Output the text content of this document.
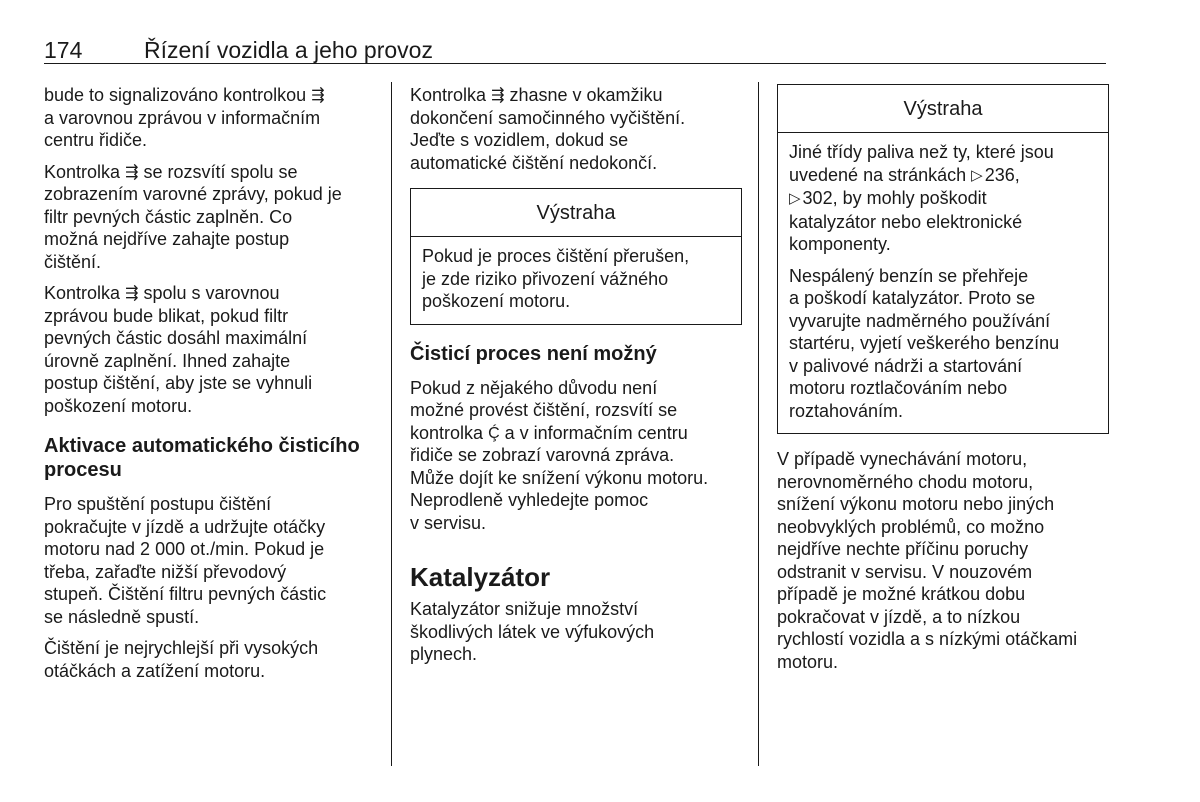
174	Řízení vozidla a jeho provoz

bude to signalizováno kontrolkou ⇶
a varovnou zprávou v informačním
centru řidiče.

Kontrolka ⇶ se rozsvítí spolu se
zobrazením varovné zprávy, pokud je
filtr pevných částic zaplněn. Co
možná nejdříve zahajte postup
čištění.

Kontrolka ⇶ spolu s varovnou
zprávou bude blikat, pokud filtr
pevných částic dosáhl maximální
úrovně zaplnění. Ihned zahajte
postup čištění, aby jste se vyhnuli
poškození motoru.

Aktivace automatického čisticího
procesu

Pro spuštění postupu čištění
pokračujte v jízdě a udržujte otáčky
motoru nad 2 000 ot./min. Pokud je
třeba, zařaďte nižší převodový
stupeň. Čištění filtru pevných částic
se následně spustí.

Čištění je nejrychlejší při vysokých
otáčkách a zatížení motoru.

Kontrolka ⇶ zhasne v okamžiku
dokončení samočinného vyčištění.
Jeďte s vozidlem, dokud se
automatické čištění nedokončí.

Výstraha

Pokud je proces čištění přerušen,
je zde riziko přivození vážného
poškození motoru.

Čisticí proces není možný

Pokud z nějakého důvodu není
možné provést čištění, rozsvítí se
kontrolka Ḉ a v informačním centru
řidiče se zobrazí varovná zpráva.
Může dojít ke snížení výkonu motoru.
Neprodleně vyhledejte pomoc
v servisu.

Katalyzátor

Katalyzátor snižuje množství
škodlivých látek ve výfukových
plynech.

Výstraha

Jiné třídy paliva než ty, které jsou
uvedené na stránkách ▷ 236,
▷ 302, by mohly poškodit
katalyzátor nebo elektronické
komponenty.

Nespálený benzín se přehřeje
a poškodí katalyzátor. Proto se
vyvarujte nadměrného používání
startéru, vyjetí veškerého benzínu
v palivové nádrži a startování
motoru roztlačováním nebo
roztahováním.

V případě vynechávání motoru,
nerovnoměrného chodu motoru,
snížení výkonu motoru nebo jiných
neobvyklých problémů, co možno
nejdříve nechte příčinu poruchy
odstranit v servisu. V nouzovém
případě je možné krátkou dobu
pokračovat v jízdě, a to nízkou
rychlostí vozidla a s nízkými otáčkami
motoru.
